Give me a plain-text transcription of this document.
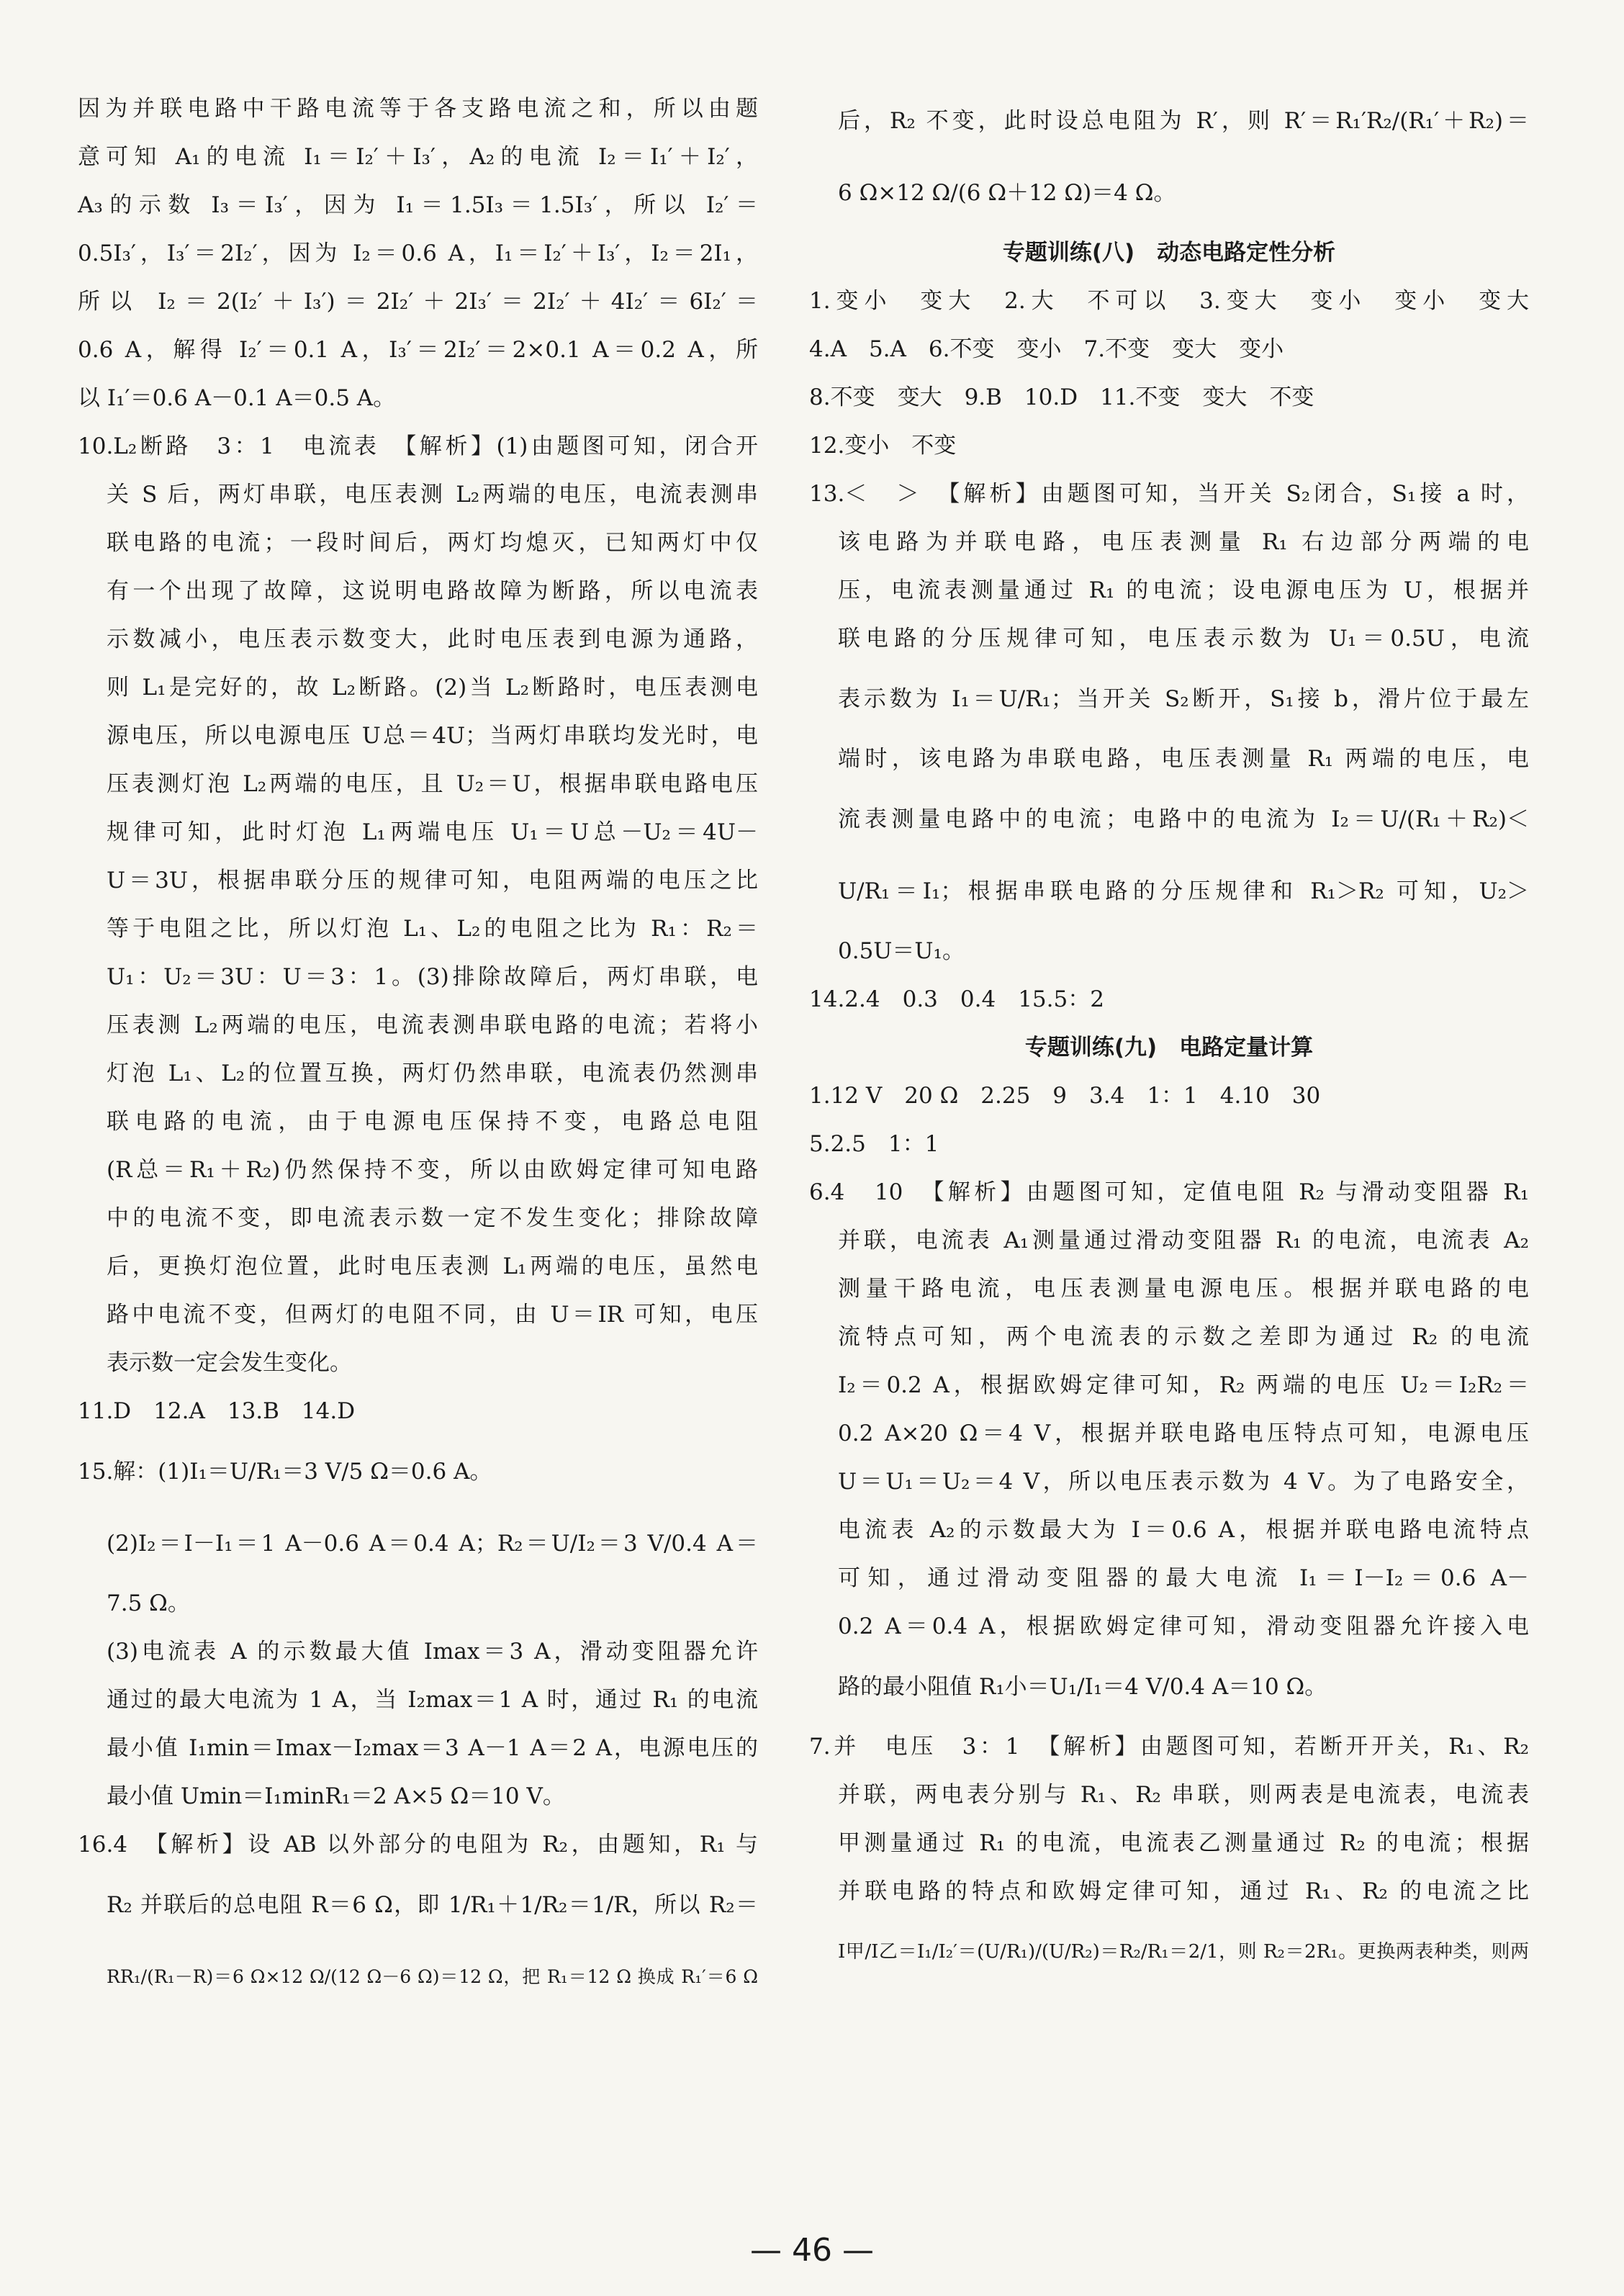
因为并联电路中干路电流等于各支路电流之和，所以由题
意可知 A₁的电流 I₁＝I₂′＋I₃′，A₂的电流 I₂＝I₁′＋I₂′，
A₃的示数 I₃＝I₃′，因为 I₁＝1.5I₃＝1.5I₃′，所以 I₂′＝
0.5I₃′，I₃′＝2I₂′，因为 I₂＝0.6 A，I₁＝I₂′＋I₃′，I₂＝2I₁，
所以 I₂＝2(I₂′＋I₃′)＝2I₂′＋2I₃′＝2I₂′＋4I₂′＝6I₂′＝
0.6 A，解得 I₂′＝0.1 A，I₃′＝2I₂′＝2×0.1 A＝0.2 A，所
以 I₁′＝0.6 A－0.1 A＝0.5 A。
10.L₂断路　3：1　电流表　【解析】(1)由题图可知，闭合开
关 S 后，两灯串联，电压表测 L₂两端的电压，电流表测串
联电路的电流；一段时间后，两灯均熄灭，已知两灯中仅
有一个出现了故障，这说明电路故障为断路，所以电流表
示数减小，电压表示数变大，此时电压表到电源为通路，
则 L₁是完好的，故 L₂断路。(2)当 L₂断路时，电压表测电
源电压，所以电源电压 U总＝4U；当两灯串联均发光时，电
压表测灯泡 L₂两端的电压，且 U₂＝U，根据串联电路电压
规律可知，此时灯泡 L₁两端电压 U₁＝U总－U₂＝4U－
U＝3U，根据串联分压的规律可知，电阻两端的电压之比
等于电阻之比，所以灯泡 L₁、L₂的电阻之比为 R₁：R₂＝
U₁：U₂＝3U：U＝3：1。(3)排除故障后，两灯串联，电
压表测 L₂两端的电压，电流表测串联电路的电流；若将小
灯泡 L₁、L₂的位置互换，两灯仍然串联，电流表仍然测串
联电路的电流，由于电源电压保持不变，电路总电阻
(R总＝R₁＋R₂)仍然保持不变，所以由欧姆定律可知电路
中的电流不变，即电流表示数一定不发生变化；排除故障
后，更换灯泡位置，此时电压表测 L₁两端的电压，虽然电
路中电流不变，但两灯的电阻不同，由 U＝IR 可知，电压
表示数一定会发生变化。
11.D　12.A　13.B　14.D
15.解：(1)I₁＝U/R₁＝3 V/5 Ω＝0.6 A。
(2)I₂＝I－I₁＝1 A－0.6 A＝0.4 A；R₂＝U/I₂＝3 V/0.4 A＝
7.5 Ω。
(3)电流表 A 的示数最大值 Imax＝3 A，滑动变阻器允许
通过的最大电流为 1 A，当 I₂max＝1 A 时，通过 R₁ 的电流
最小值 I₁min＝Imax－I₂max＝3 A－1 A＝2 A，电源电压的
最小值 Umin＝I₁minR₁＝2 A×5 Ω＝10 V。
16.4　【解析】设 AB 以外部分的电阻为 R₂，由题知，R₁ 与
R₂ 并联后的总电阻 R＝6 Ω，即 1/R₁＋1/R₂＝1/R，所以 R₂＝
RR₁/(R₁－R)＝6 Ω×12 Ω/(12 Ω－6 Ω)＝12 Ω，把 R₁＝12 Ω 换成 R₁′＝6 Ω
后，R₂ 不变，此时设总电阻为 R′，则 R′＝R₁′R₂/(R₁′＋R₂)＝
6 Ω×12 Ω/(6 Ω＋12 Ω)＝4 Ω。
专题训练(八)　动态电路定性分析
1.变小　变大　2.大　不可以　3.变大　变小　变小　变大
4.A　5.A　6.不变　变小　7.不变　变大　变小
8.不变　变大　9.B　10.D　11.不变　变大　不变
12.变小　不变
13.＜　＞　【解析】由题图可知，当开关 S₂闭合，S₁接 a 时，
该电路为并联电路，电压表测量 R₁ 右边部分两端的电
压，电流表测量通过 R₁ 的电流；设电源电压为 U，根据并
联电路的分压规律可知，电压表示数为 U₁＝0.5U，电流
表示数为 I₁＝U/R₁；当开关 S₂断开，S₁接 b，滑片位于最左
端时，该电路为串联电路，电压表测量 R₁ 两端的电压，电
流表测量电路中的电流；电路中的电流为 I₂＝U/(R₁＋R₂)＜
U/R₁＝I₁；根据串联电路的分压规律和 R₁＞R₂ 可知，U₂＞
0.5U＝U₁。
14.2.4　0.3　0.4　15.5：2
专题训练(九)　电路定量计算
1.12 V　20 Ω　2.25　9　3.4　1：1　4.10　30
5.2.5　1：1
6.4　10　【解析】由题图可知，定值电阻 R₂ 与滑动变阻器 R₁
并联，电流表 A₁测量通过滑动变阻器 R₁ 的电流，电流表 A₂
测量干路电流，电压表测量电源电压。根据并联电路的电
流特点可知，两个电流表的示数之差即为通过 R₂ 的电流
I₂＝0.2 A，根据欧姆定律可知，R₂ 两端的电压 U₂＝I₂R₂＝
0.2 A×20 Ω＝4 V，根据并联电路电压特点可知，电源电压
U＝U₁＝U₂＝4 V，所以电压表示数为 4 V。为了电路安全，
电流表 A₂的示数最大为 I＝0.6 A，根据并联电路电流特点
可知，通过滑动变阻器的最大电流 I₁＝I－I₂＝0.6 A－
0.2 A＝0.4 A，根据欧姆定律可知，滑动变阻器允许接入电
路的最小阻值 R₁小＝U₁/I₁＝4 V/0.4 A＝10 Ω。
7.并　电压　3：1　【解析】由题图可知，若断开开关，R₁、R₂
并联，两电表分别与 R₁、R₂ 串联，则两表是电流表，电流表
甲测量通过 R₁ 的电流，电流表乙测量通过 R₂ 的电流；根据
并联电路的特点和欧姆定律可知，通过 R₁、R₂ 的电流之比
I甲/I乙＝I₁/I₂′＝(U/R₁)/(U/R₂)＝R₂/R₁＝2/1，则 R₂＝2R₁。更换两表种类，则两
— 46 —
